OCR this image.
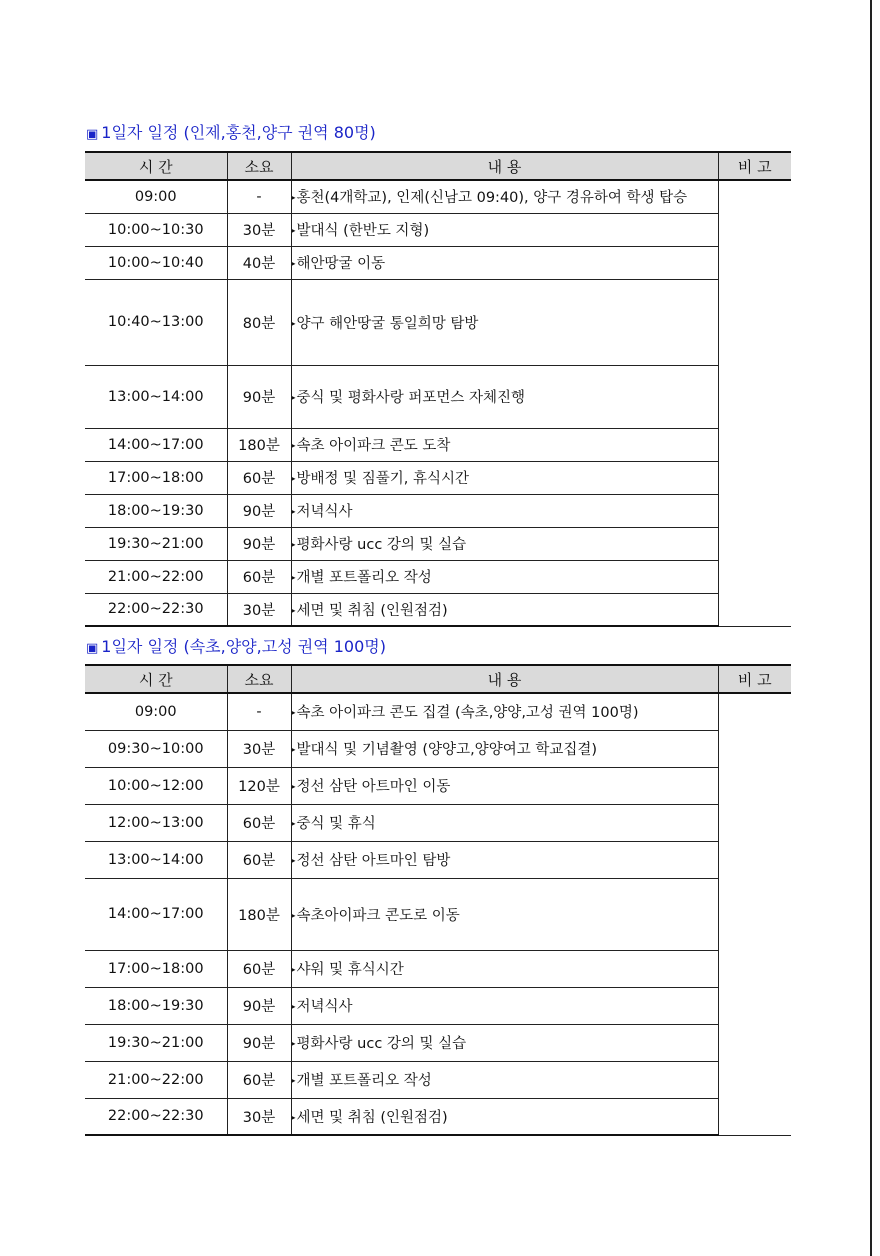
▣ 1일자 일정 (인제,홍천,양구 권역 80명)
시 간	소요	내 용	비 고
09:00	-	▸홍천(4개학교), 인제(신남고 09:40), 양구 경유하여 학생 탑승	
10:00~10:30	30분	▸발대식 (한반도 지형)	
10:00~10:40	40분	▸해안땅굴 이동	
10:40~13:00	80분	▸양구 해안땅굴 통일희망 탐방	
13:00~14:00	90분	▸중식 및 평화사랑 퍼포먼스 자체진행	
14:00~17:00	180분	▸속초 아이파크 콘도 도착	
17:00~18:00	60분	▸방배정 및 짐풀기, 휴식시간	
18:00~19:30	90분	▸저녁식사	
19:30~21:00	90분	▸평화사랑 ucc 강의 및 실습	
21:00~22:00	60분	▸개별 포트폴리오 작성	
22:00~22:30	30분	▸세면 및 취침 (인원점검)	
▣ 1일자 일정 (속초,양양,고성 권역 100명)
시 간	소요	내 용	비 고
09:00	-	▸속초 아이파크 콘도 집결 (속초,양양,고성 권역 100명)	
09:30~10:00	30분	▸발대식 및 기념촬영 (양양고,양양여고 학교집결)	
10:00~12:00	120분	▸정선 삼탄 아트마인 이동	
12:00~13:00	60분	▸중식 및 휴식	
13:00~14:00	60분	▸정선 삼탄 아트마인 탐방	
14:00~17:00	180분	▸속초아이파크 콘도로 이동	
17:00~18:00	60분	▸샤워 및 휴식시간	
18:00~19:30	90분	▸저녁식사	
19:30~21:00	90분	▸평화사랑 ucc 강의 및 실습	
21:00~22:00	60분	▸개별 포트폴리오 작성	
22:00~22:30	30분	▸세면 및 취침 (인원점검)	
